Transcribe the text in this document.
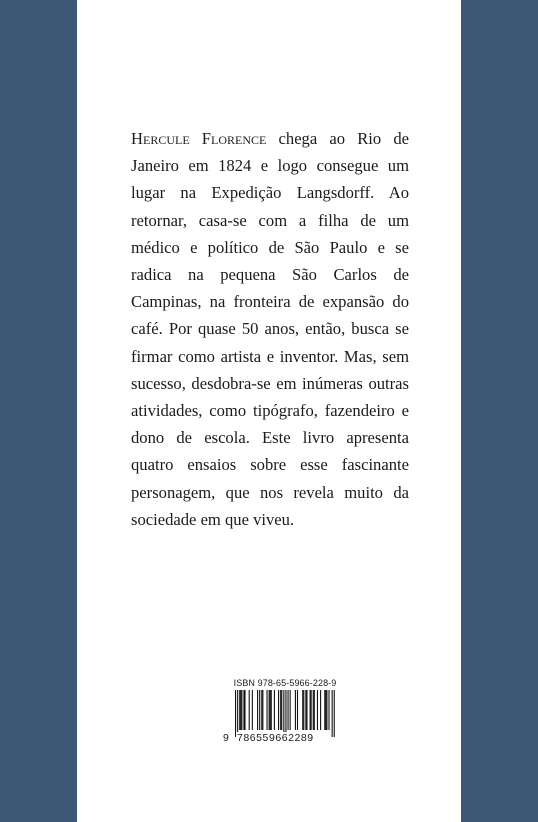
Hercule Florence chega ao Rio de Janeiro em 1824 e logo consegue um lugar na Expedição Langsdorff. Ao retornar, casa-se com a filha de um médico e político de São Paulo e se radica na pequena São Carlos de Campinas, na fronteira de expansão do café. Por quase 50 anos, então, busca se firmar como artista e inventor. Mas, sem sucesso, desdobra-se em inúmeras outras atividades, como tipógrafo, fazendeiro e dono de escola. Este livro apresenta quatro ensaios sobre esse fascinante personagem, que nos revela muito da sociedade em que viveu.

ISBN 978-65-5966-228-9
9 786559662289
